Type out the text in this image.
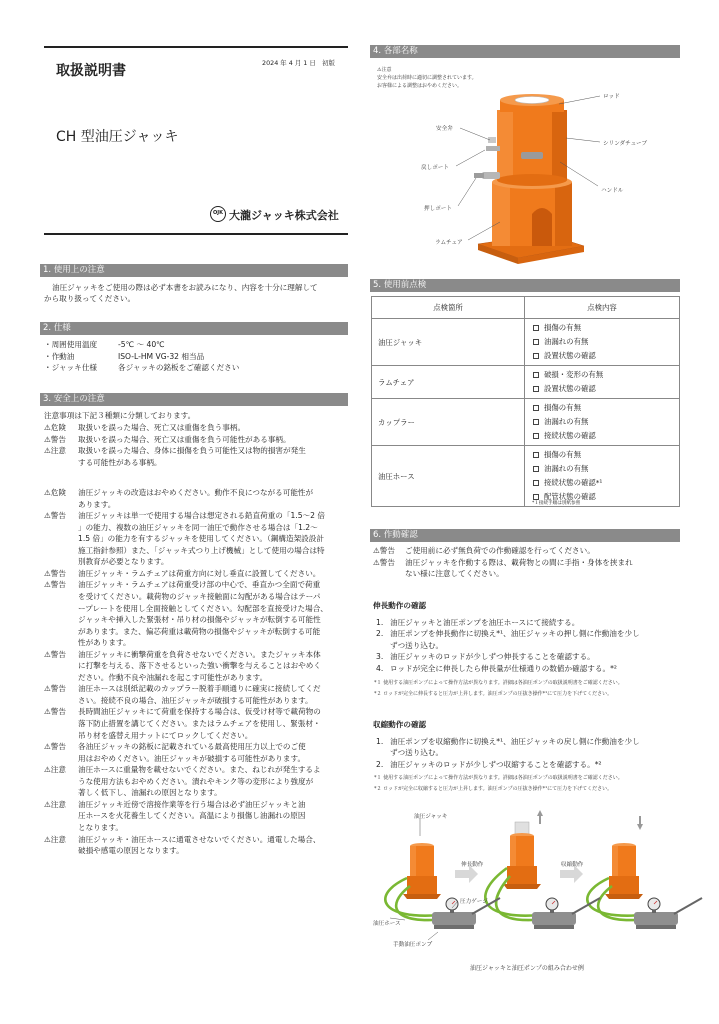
取扱説明書	2024 年 4 月 1 日　初版
CH 型油圧ジャッキ
OJK 大瀧ジャッキ株式会社
1. 使用上の注意
油圧ジャッキをご使用の際は必ず本書をお読みになり、内容を十分に理解して
から取り扱ってください。
2. 仕様
・周囲使用温度	-5℃ ～ 40℃
・作動油	ISO-L-HM VG-32 相当品
・ジャッキ仕様	各ジャッキの銘板をご確認ください
3. 安全上の注意
注意事項は下記３種類に分類しております。
⚠危険	取扱いを誤った場合、死亡又は重傷を負う事柄。
⚠警告	取扱いを誤った場合、死亡又は重傷を負う可能性がある事柄。
⚠注意	取扱いを誤った場合、身体に損傷を負う可能性又は物的損害が発生
する可能性がある事柄。
⚠危険	油圧ジャッキの改造はおやめください。動作不良につながる可能性が
あります。
⚠警告	油圧ジャッキは単一で使用する場合は想定される鉛直荷重の「1.5～2 倍
」の能力、複数の油圧ジャッキを同一油圧で動作させる場合は「1.2～
1.5 倍」の能力を有するジャッキを使用してください。（鋼構造架設設計
施工指針参照）また、「ジャッキ式つり上げ機械」として使用の場合は特
別教育が必要となります。
⚠警告	油圧ジャッキ・ラムチェアは荷重方向に対し垂直に設置してください。
⚠警告	油圧ジャッキ・ラムチェアは荷重受け部の中心で、垂直かつ全面で荷重
を受けてください。載荷物のジャッキ接触面に勾配がある場合はテーパ
ープレートを使用し全面接触としてください。勾配部を直接受けた場合、
ジャッキや挿入した緊張材・吊り材の損傷やジャッキが転倒する可能性
があります。また、偏芯荷重は載荷物の損傷やジャッキが転倒する可能
性があります。
⚠警告	油圧ジャッキに衝撃荷重を負荷させないでください。またジャッキ本体
に打撃を与える、落下させるといった強い衝撃を与えることはおやめく
ださい。作動不良や油漏れを起こす可能性があります。
⚠警告	油圧ホースは別紙記載のカップラー脱着手順通りに確実に接続してくだ
さい。接続不良の場合、油圧ジャッキが破損する可能性があります。
⚠警告	長時間油圧ジャッキにて荷重を保持する場合は、仮受け材等で載荷物の
落下防止措置を講じてください。またはラムチェアを使用し、緊張材・
吊り材を盛替え用ナットにてロックしてください。
⚠警告	各油圧ジャッキの銘板に記載されている最高使用圧力以上でのご使
用はおやめください。油圧ジャッキが破損する可能性があります。
⚠注意	油圧ホースに重量物を載せないでください。また、ねじれが発生するよ
うな使用方法もおやめください。潰れやキンク等の変形により強度が
著しく低下し、油漏れの原因となります。
⚠注意	油圧ジャッキ近傍で溶接作業等を行う場合は必ず油圧ジャッキと油
圧ホースを火花養生してください。高温により損傷し油漏れの原因
となります。
⚠注意	油圧ジャッキ・油圧ホースに通電させないでください。通電した場合、
破損や感電の原因となります。
4. 各部名称
⚠注意
安全弁は出荷時に適切に調整されています。
お客様による調整はおやめください。
ロッド
安全弁
シリンダチューブ
戻しポート
ハンドル
押しポート
ラムチェア
5. 使用前点検
点検箇所	点検内容
油圧ジャッキ	損傷の有無
油漏れの有無
設置状態の確認

ラムチェア	破損・変形の有無
設置状態の確認

カップラー	損傷の有無
油漏れの有無
接続状態の確認

油圧ホース	損傷の有無
油漏れの有無
接続状態の確認*¹
配管状態の確認
*１接続手順は別紙参照
6. 作動確認
⚠警告	ご使用前に必ず無負荷での作動確認を行ってください。
⚠警告	油圧ジャッキを作動する際は、載荷物との間に手指・身体を挟まれ
ない様に注意してください。
伸長動作の確認
1. 油圧ジャッキと油圧ポンプを油圧ホースにて接続する。
2. 油圧ポンプを伸長動作に切換え*¹、油圧ジャッキの押し側に作動油を少し
ずつ送り込む。
3. 油圧ジャッキのロッドが少しずつ伸長することを確認する。
4. ロッドが完全に伸長したら伸長量が仕様通りの数値か確認する。*²
*１ 使用する油圧ポンプによって操作方法が異なります。詳細は各油圧ポンプの取扱説明書をご確認ください。
*２ ロッドが完全に伸長すると圧力が上昇します。油圧ポンプの圧抜き操作*¹にて圧力を下げてください。
収縮動作の確認
1. 油圧ポンプを収縮動作に切換え*¹、油圧ジャッキの戻し側に作動油を少し
ずつ送り込む。
2. 油圧ジャッキのロッドが少しずつ収縮することを確認する。*²
*１ 使用する油圧ポンプによって操作方法が異なります。詳細は各油圧ポンプの取扱説明書をご確認ください。
*２ ロッドが完全に収縮すると圧力が上昇します。油圧ポンプの圧抜き操作*¹にて圧力を下げてください。
油圧ジャッキ
伸長動作	収縮動作
圧力ゲージ
油圧ホース
手動油圧ポンプ
油圧ジャッキと油圧ポンプの組み合わせ例
